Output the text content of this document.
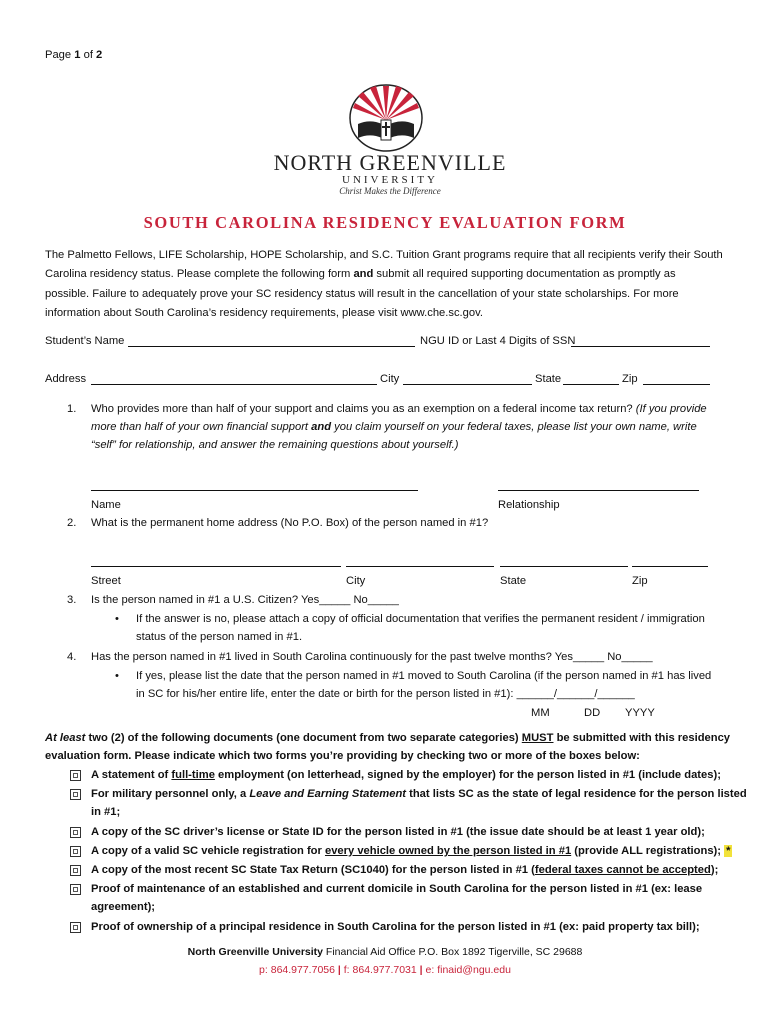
Page 1 of 2
NORTH GREENVILLE
UNIVERSITY
Christ Makes the Difference
SOUTH CAROLINA RESIDENCY EVALUATION FORM
The Palmetto Fellows, LIFE Scholarship, HOPE Scholarship, and S.C. Tuition Grant programs require that all recipients verify their South
Carolina residency status. Please complete the following form and submit all required supporting documentation as promptly as
possible. Failure to adequately prove your SC residency status will result in the cancellation of your state scholarships. For more
information about South Carolina’s residency requirements, please visit www.che.sc.gov.
Student’s Name	NGU ID or Last 4 Digits of SSN
Address	City	State	Zip
1. Who provides more than half of your support and claims you as an exemption on a federal income tax return? (If you provide
more than half of your own financial support and you claim yourself on your federal taxes, please list your own name, write
“self” for relationship, and answer the remaining questions about yourself.)
Name	Relationship
2. What is the permanent home address (No P.O. Box) of the person named in #1?
Street	City	State	Zip
3. Is the person named in #1 a U.S. Citizen? Yes_____ No_____
• If the answer is no, please attach a copy of official documentation that verifies the permanent resident / immigration
status of the person named in #1.
4. Has the person named in #1 lived in South Carolina continuously for the past twelve months? Yes_____ No_____
• If yes, please list the date that the person named in #1 moved to South Carolina (if the person named in #1 has lived
in SC for his/her entire life, enter the date or birth for the person listed in #1): ______/______/______
MM	DD YYYY
At least two (2) of the following documents (one document from two separate categories) MUST be submitted with this residency
evaluation form. Please indicate which two forms you’re providing by checking two or more of the boxes below:
A statement of full-time employment (on letterhead, signed by the employer) for the person listed in #1 (include dates);
For military personnel only, a Leave and Earning Statement that lists SC as the state of legal residence for the person listed
in #1;
A copy of the SC driver’s license or State ID for the person listed in #1 (the issue date should be at least 1 year old);
A copy of a valid SC vehicle registration for every vehicle owned by the person listed in #1 (provide ALL registrations); *
A copy of the most recent SC State Tax Return (SC1040) for the person listed in #1 (federal taxes cannot be accepted);
Proof of maintenance of an established and current domicile in South Carolina for the person listed in #1 (ex: lease
agreement);
Proof of ownership of a principal residence in South Carolina for the person listed in #1 (ex: paid property tax bill);
North Greenville University Financial Aid Office P.O. Box 1892 Tigerville, SC 29688
p: 864.977.7056 | f: 864.977.7031 | e: finaid@ngu.edu
